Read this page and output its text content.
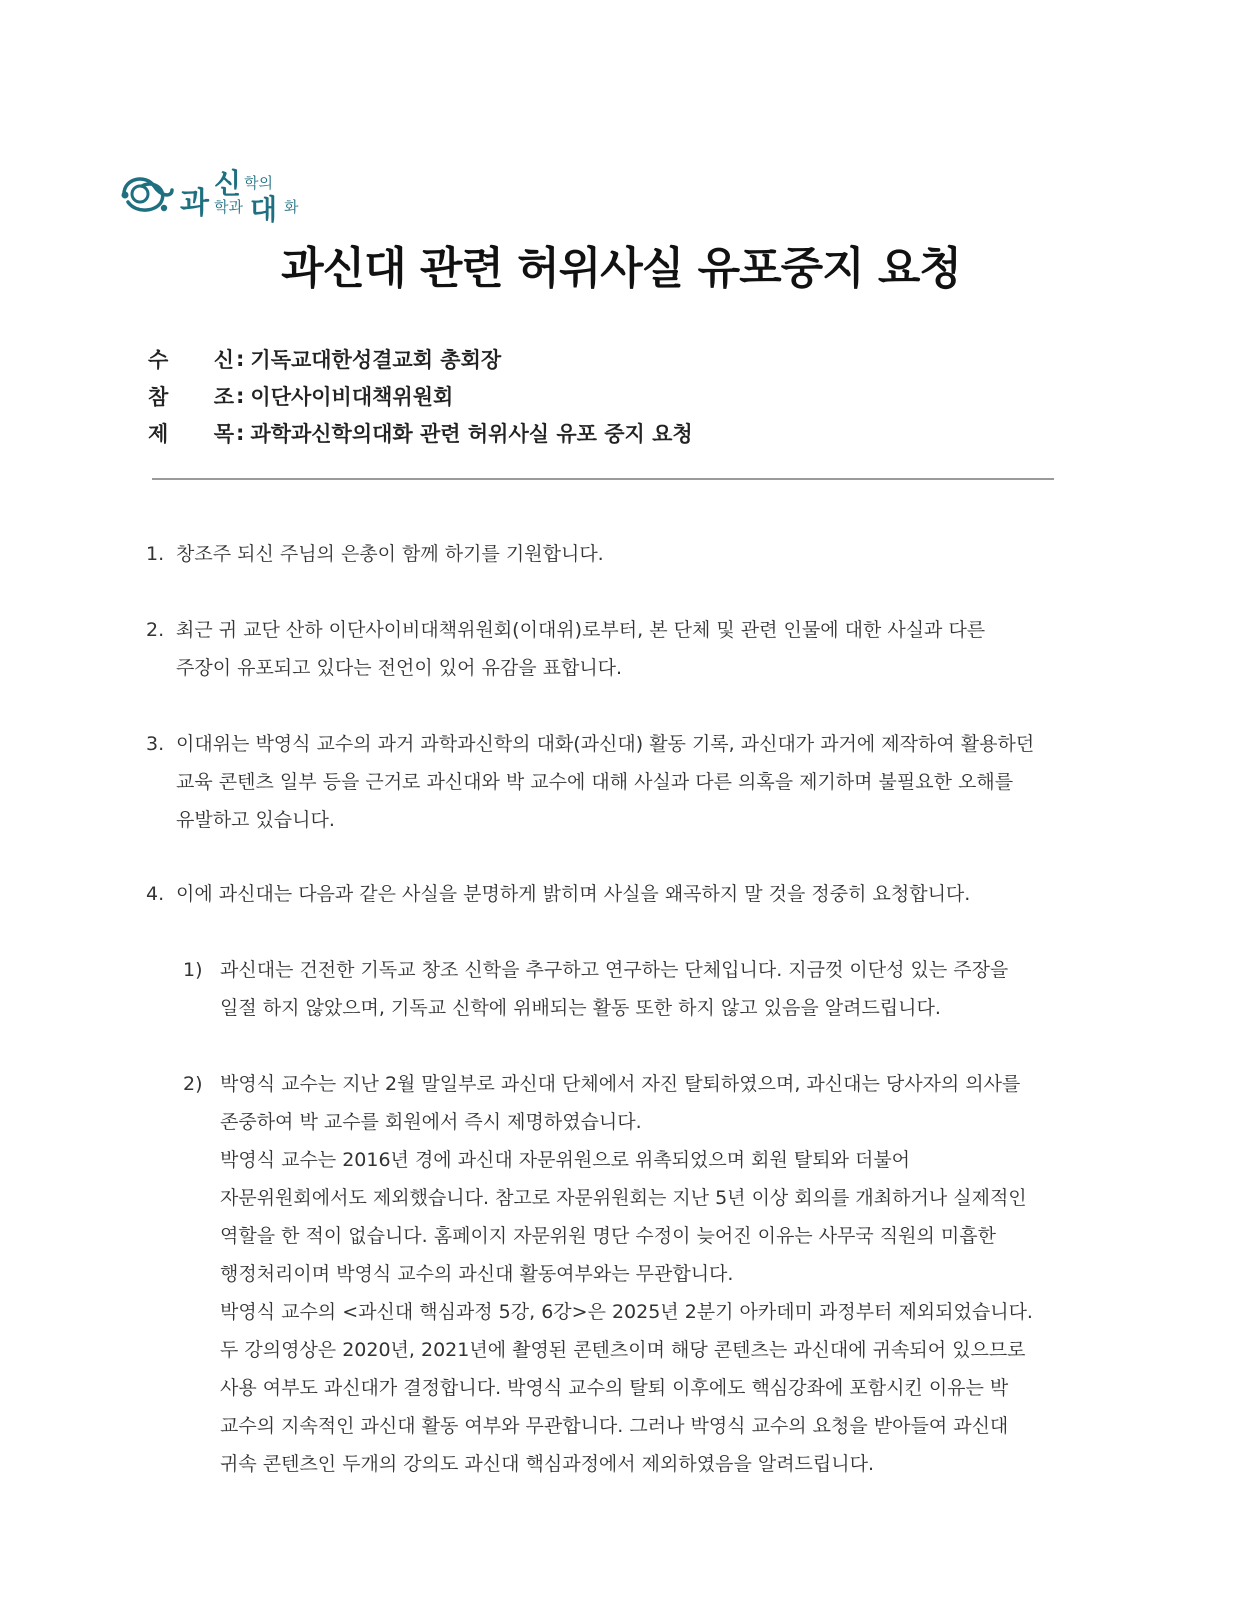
과
신 학의
학과 대 화
과신대 관련 허위사실 유포중지 요청
수 신 : 기독교대한성결교회 총회장
참 조 : 이단사이비대책위원회
제 목 : 과학과신학의대화 관련 허위사실 유포 중지 요청
1. 창조주 되신 주님의 은총이 함께 하기를 기원합니다.
2. 최근 귀 교단 산하 이단사이비대책위원회(이대위)로부터, 본 단체 및 관련 인물에 대한 사실과 다른
주장이 유포되고 있다는 전언이 있어 유감을 표합니다.
3. 이대위는 박영식 교수의 과거 과학과신학의 대화(과신대) 활동 기록, 과신대가 과거에 제작하여 활용하던
교육 콘텐츠 일부 등을 근거로 과신대와 박 교수에 대해 사실과 다른 의혹을 제기하며 불필요한 오해를
유발하고 있습니다.
4. 이에 과신대는 다음과 같은 사실을 분명하게 밝히며 사실을 왜곡하지 말 것을 정중히 요청합니다.
1) 과신대는 건전한 기독교 창조 신학을 추구하고 연구하는 단체입니다. 지금껏 이단성 있는 주장을
일절 하지 않았으며, 기독교 신학에 위배되는 활동 또한 하지 않고 있음을 알려드립니다.
2) 박영식 교수는 지난 2월 말일부로 과신대 단체에서 자진 탈퇴하였으며, 과신대는 당사자의 의사를
존중하여 박 교수를 회원에서 즉시 제명하였습니다.
박영식 교수는 2016년 경에 과신대 자문위원으로 위촉되었으며 회원 탈퇴와 더불어
자문위원회에서도 제외했습니다. 참고로 자문위원회는 지난 5년 이상 회의를 개최하거나 실제적인
역할을 한 적이 없습니다. 홈페이지 자문위원 명단 수정이 늦어진 이유는 사무국 직원의 미흡한
행정처리이며 박영식 교수의 과신대 활동여부와는 무관합니다.
박영식 교수의 <과신대 핵심과정 5강, 6강>은 2025년 2분기 아카데미 과정부터 제외되었습니다.
두 강의영상은 2020년, 2021년에 촬영된 콘텐츠이며 해당 콘텐츠는 과신대에 귀속되어 있으므로
사용 여부도 과신대가 결정합니다. 박영식 교수의 탈퇴 이후에도 핵심강좌에 포함시킨 이유는 박
교수의 지속적인 과신대 활동 여부와 무관합니다. 그러나 박영식 교수의 요청을 받아들여 과신대
귀속 콘텐츠인 두개의 강의도 과신대 핵심과정에서 제외하였음을 알려드립니다.
